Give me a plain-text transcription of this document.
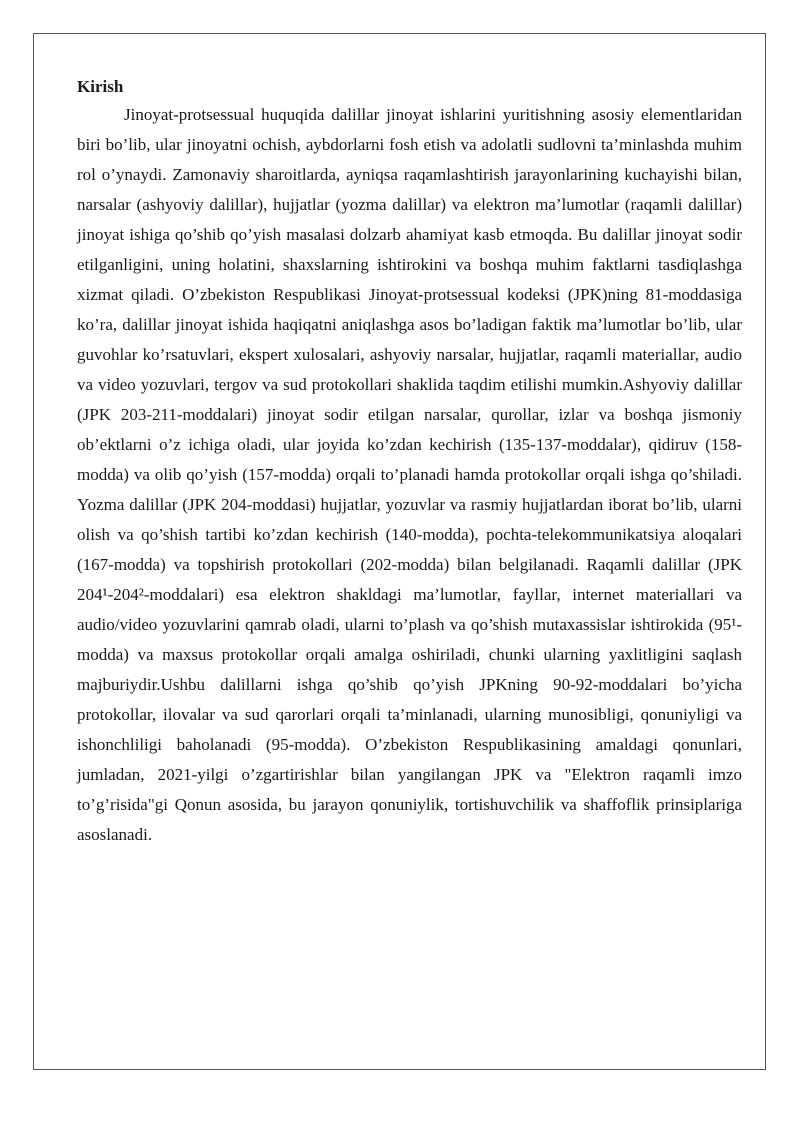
Kirish

Jinoyat-protsessual huquqida dalillar jinoyat ishlarini yuritishning asosiy elementlaridan biri bo’lib, ular jinoyatni ochish, aybdorlarni fosh etish va adolatli sudlovni ta’minlashda muhim rol o’ynaydi. Zamonaviy sharoitlarda, ayniqsa raqamlashtirish jarayonlarining kuchayishi bilan, narsalar (ashyoviy dalillar), hujjatlar (yozma dalillar) va elektron ma’lumotlar (raqamli dalillar) jinoyat ishiga qo’shib qo’yish masalasi dolzarb ahamiyat kasb etmoqda. Bu dalillar jinoyat sodir etilganligini, uning holatini, shaxslarning ishtirokini va boshqa muhim faktlarni tasdiqlashga xizmat qiladi. O’zbekiston Respublikasi Jinoyat-protsessual kodeksi (JPK)ning 81-moddasiga ko’ra, dalillar jinoyat ishida haqiqatni aniqlashga asos bo’ladigan faktik ma’lumotlar bo’lib, ular guvohlar ko’rsatuvlari, ekspert xulosalari, ashyoviy narsalar, hujjatlar, raqamli materiallar, audio va video yozuvlari, tergov va sud protokollari shaklida taqdim etilishi mumkin.Ashyoviy dalillar (JPK 203-211-moddalari) jinoyat sodir etilgan narsalar, qurollar, izlar va boshqa jismoniy ob’ektlarni o’z ichiga oladi, ular joyida ko’zdan kechirish (135-137-moddalar), qidiruv (158-modda) va olib qo’yish (157-modda) orqali to’planadi hamda protokollar orqali ishga qo’shiladi. Yozma dalillar (JPK 204-moddasi) hujjatlar, yozuvlar va rasmiy hujjatlardan iborat bo’lib, ularni olish va qo’shish tartibi ko’zdan kechirish (140-modda), pochta-telekommunikatsiya aloqalari (167-modda) va topshirish protokollari (202-modda) bilan belgilanadi. Raqamli dalillar (JPK 204¹-204²-moddalari) esa elektron shakldagi ma’lumotlar, fayllar, internet materiallari va audio/video yozuvlarini qamrab oladi, ularni to’plash va qo’shish mutaxassislar ishtirokida (95¹-modda) va maxsus protokollar orqali amalga oshiriladi, chunki ularning yaxlitligini saqlash majburiydir.Ushbu dalillarni ishga qo’shib qo’yish JPKning 90-92-moddalari bo’yicha protokollar, ilovalar va sud qarorlari orqali ta’minlanadi, ularning munosibligi, qonuniyligi va ishonchliligi baholanadi (95-modda). O’zbekiston Respublikasining amaldagi qonunlari, jumladan, 2021-yilgi o’zgartirishlar bilan yangilangan JPK va "Elektron raqamli imzo to’g’risida"gi Qonun asosida, bu jarayon qonuniylik, tortishuvchilik va shaffoflik prinsiplariga asoslanadi.
